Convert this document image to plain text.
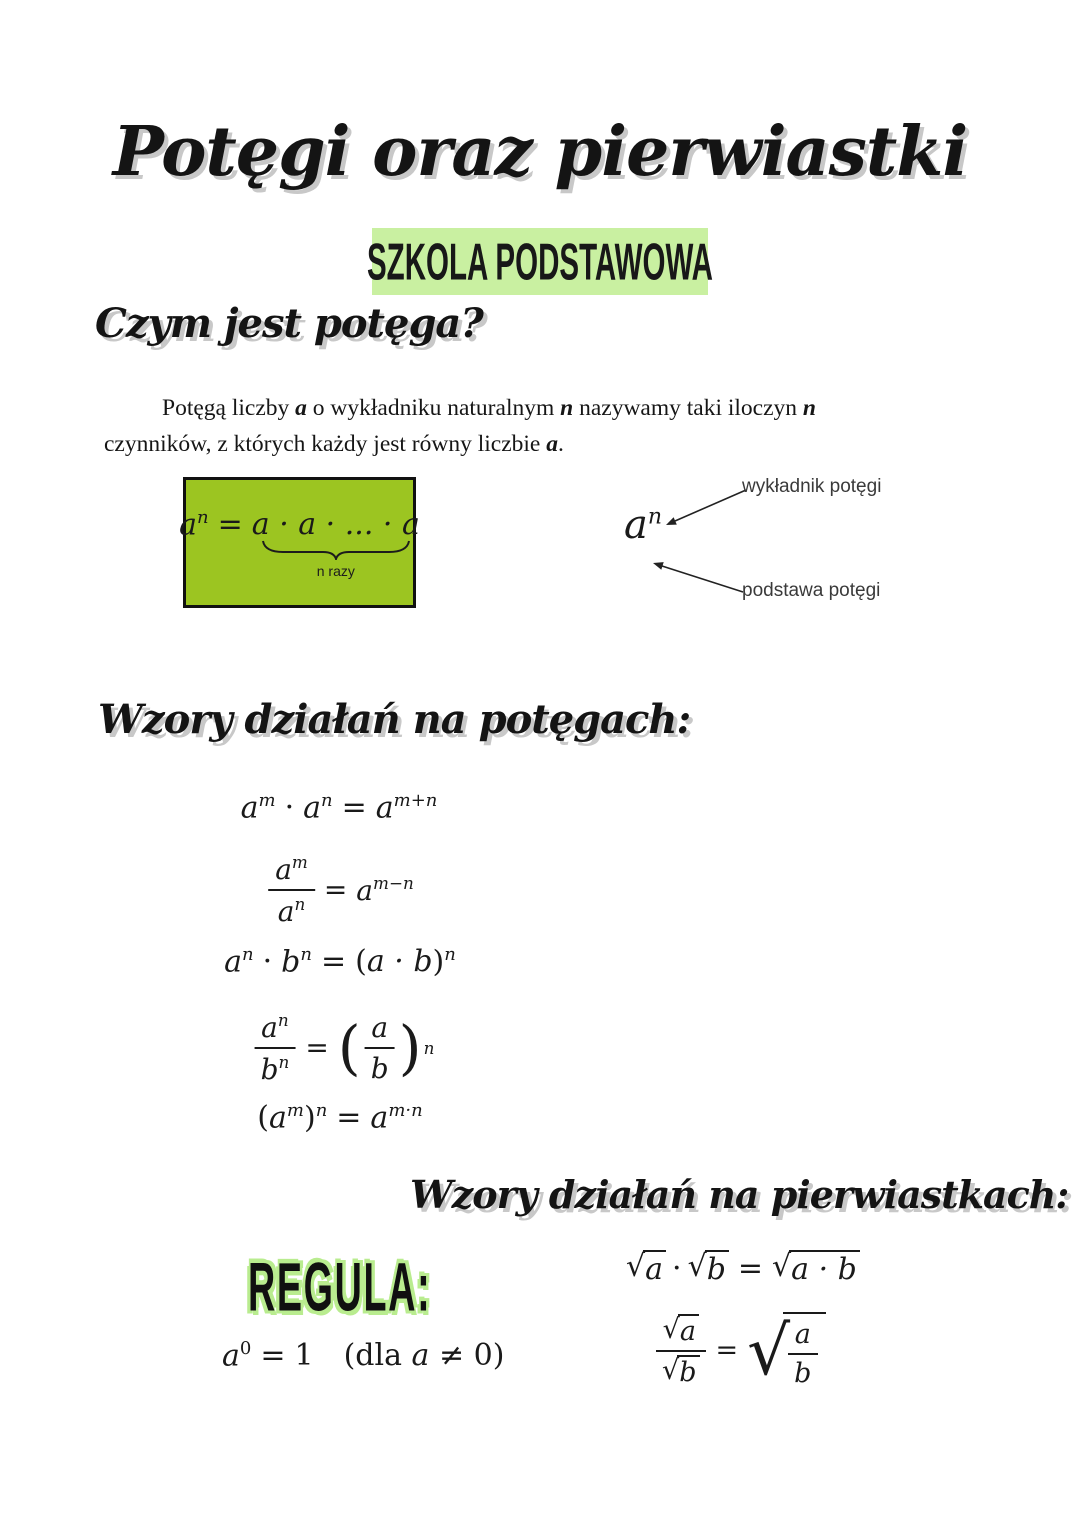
Potęgi oraz pierwiastki
SZKOLA PODSTAWOWA
Czym jest potęga?

Potęgą liczby a o wykładniku naturalnym n nazywamy taki iloczyn n czynników, z których każdy jest równy liczbie a.

$a^n = a \cdot a$ · ... · a
n razy
$a^n$
wykładnik potęgi
podstawa potęgi
Wzory działań na potęgach:
$a^m \cdot a^n = a^{m+n}$
$\frac{a^m}{a^n} = a^{m-n}$
$a^n \cdot b^n$ = ( a · b )$^n$
$\frac{a^n}{b^n}$ = ( $\frac{a}{b}$ ) n
( $a^m$ )$^n = a^{m\cdot n}$
Wzory działań na pierwiastkach:
REGULA:
$a^0 = 1$ (dla a ≠ 0)
√ a · √ b = √ a · b
$\frac{√ a}{√ b}$ = √
$\frac{a}{b}$
